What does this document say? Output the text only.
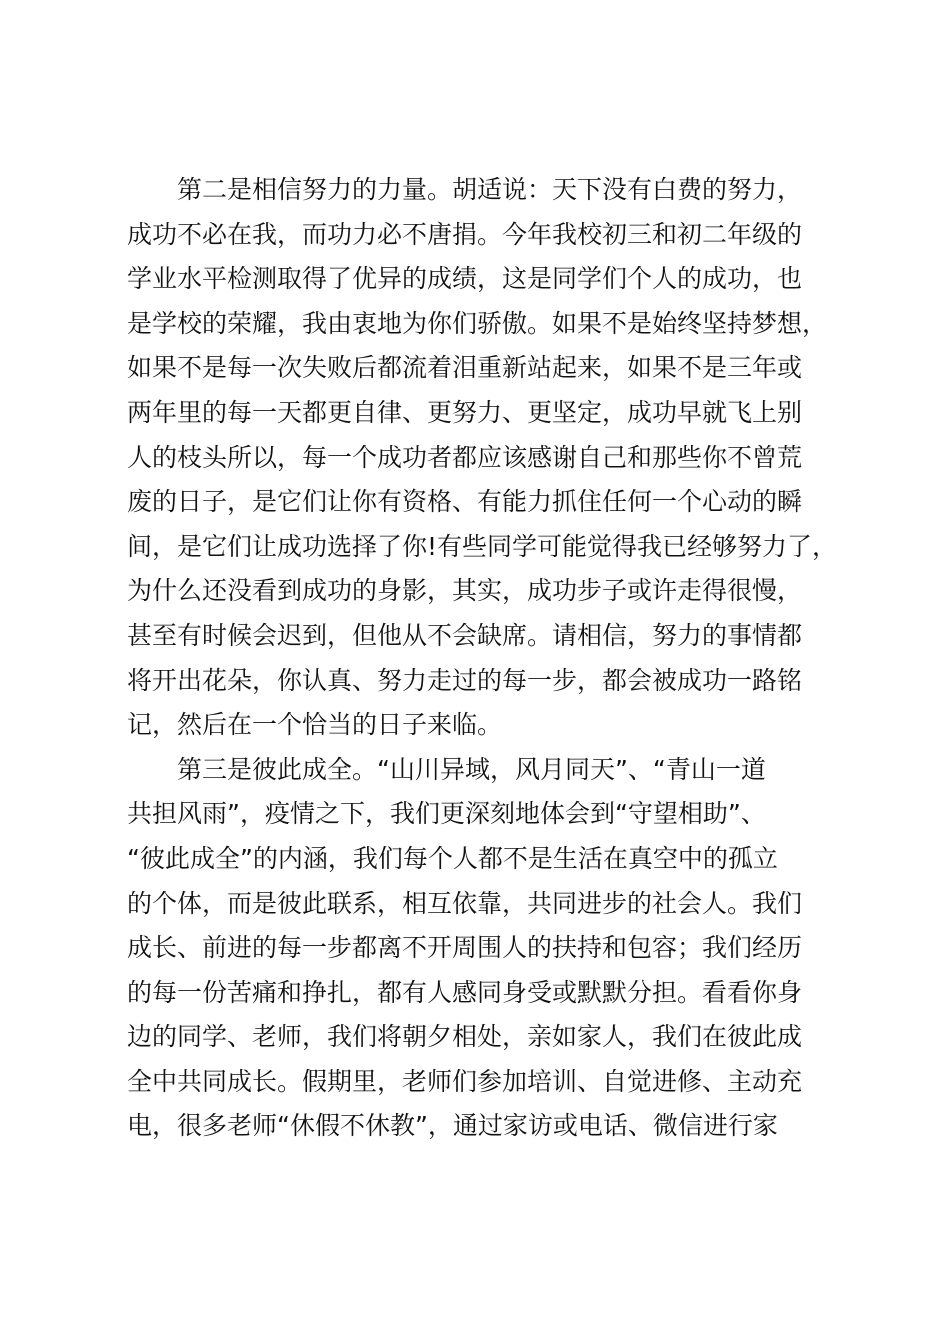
　　第二是相信努力的力量。胡适说：天下没有白费的努力，
成功不必在我，而功力必不唐捐。今年我校初三和初二年级的
学业水平检测取得了优异的成绩，这是同学们个人的成功，也
是学校的荣耀，我由衷地为你们骄傲。如果不是始终坚持梦想，
如果不是每一次失败后都流着泪重新站起来，如果不是三年或
两年里的每一天都更自律、更努力、更坚定，成功早就飞上别
人的枝头所以，每一个成功者都应该感谢自己和那些你不曾荒
废的日子，是它们让你有资格、有能力抓住任何一个心动的瞬
间，是它们让成功选择了你!有些同学可能觉得我已经够努力了，
为什么还没看到成功的身影，其实，成功步子或许走得很慢，
甚至有时候会迟到，但他从不会缺席。请相信，努力的事情都
将开出花朵，你认真、努力走过的每一步，都会被成功一路铭
记，然后在一个恰当的日子来临。
　　第三是彼此成全。“山川异域，风月同天”、“青山一道
共担风雨”，疫情之下，我们更深刻地体会到“守望相助”、
“彼此成全”的内涵，我们每个人都不是生活在真空中的孤立
的个体，而是彼此联系，相互依靠，共同进步的社会人。我们
成长、前进的每一步都离不开周围人的扶持和包容；我们经历
的每一份苦痛和挣扎，都有人感同身受或默默分担。看看你身
边的同学、老师，我们将朝夕相处，亲如家人，我们在彼此成
全中共同成长。假期里，老师们参加培训、自觉进修、主动充
电，很多老师“休假不休教”，通过家访或电话、微信进行家
